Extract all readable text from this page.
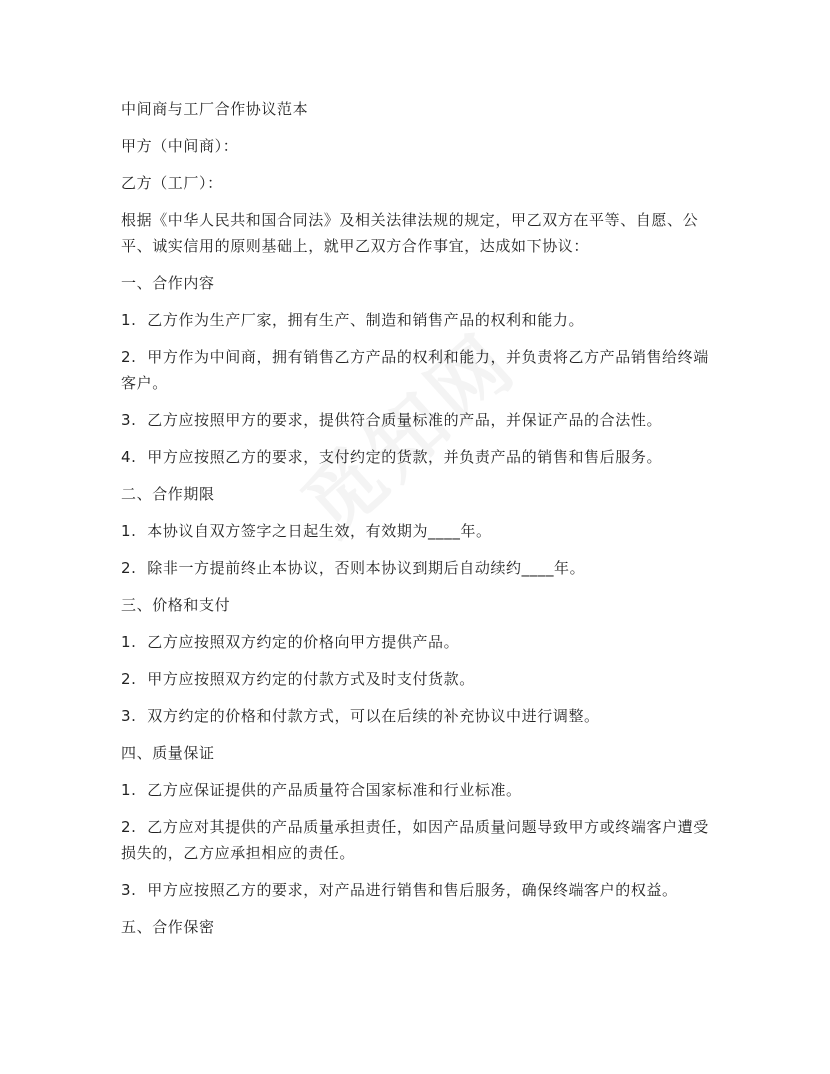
中间商与工厂合作协议范本

甲方（中间商）：

乙方（工厂）：

根据《中华人民共和国合同法》及相关法律法规的规定，甲乙双方在平等、自愿、公平、诚实信用的原则基础上，就甲乙双方合作事宜，达成如下协议：

一、合作内容

1.  乙方作为生产厂家，拥有生产、制造和销售产品的权利和能力。

2.  甲方作为中间商，拥有销售乙方产品的权利和能力，并负责将乙方产品销售给终端客户。

3.  乙方应按照甲方的要求，提供符合质量标准的产品，并保证产品的合法性。

4.  甲方应按照乙方的要求，支付约定的货款，并负责产品的销售和售后服务。

二、合作期限

1.  本协议自双方签字之日起生效，有效期为____年。

2.  除非一方提前终止本协议，否则本协议到期后自动续约____年。

三、价格和支付

1.  乙方应按照双方约定的价格向甲方提供产品。

2.  甲方应按照双方约定的付款方式及时支付货款。

3.  双方约定的价格和付款方式，可以在后续的补充协议中进行调整。

四、质量保证

1.  乙方应保证提供的产品质量符合国家标准和行业标准。

2.  乙方应对其提供的产品质量承担责任，如因产品质量问题导致甲方或终端客户遭受损失的，乙方应承担相应的责任。

3.  甲方应按照乙方的要求，对产品进行销售和售后服务，确保终端客户的权益。

五、合作保密
